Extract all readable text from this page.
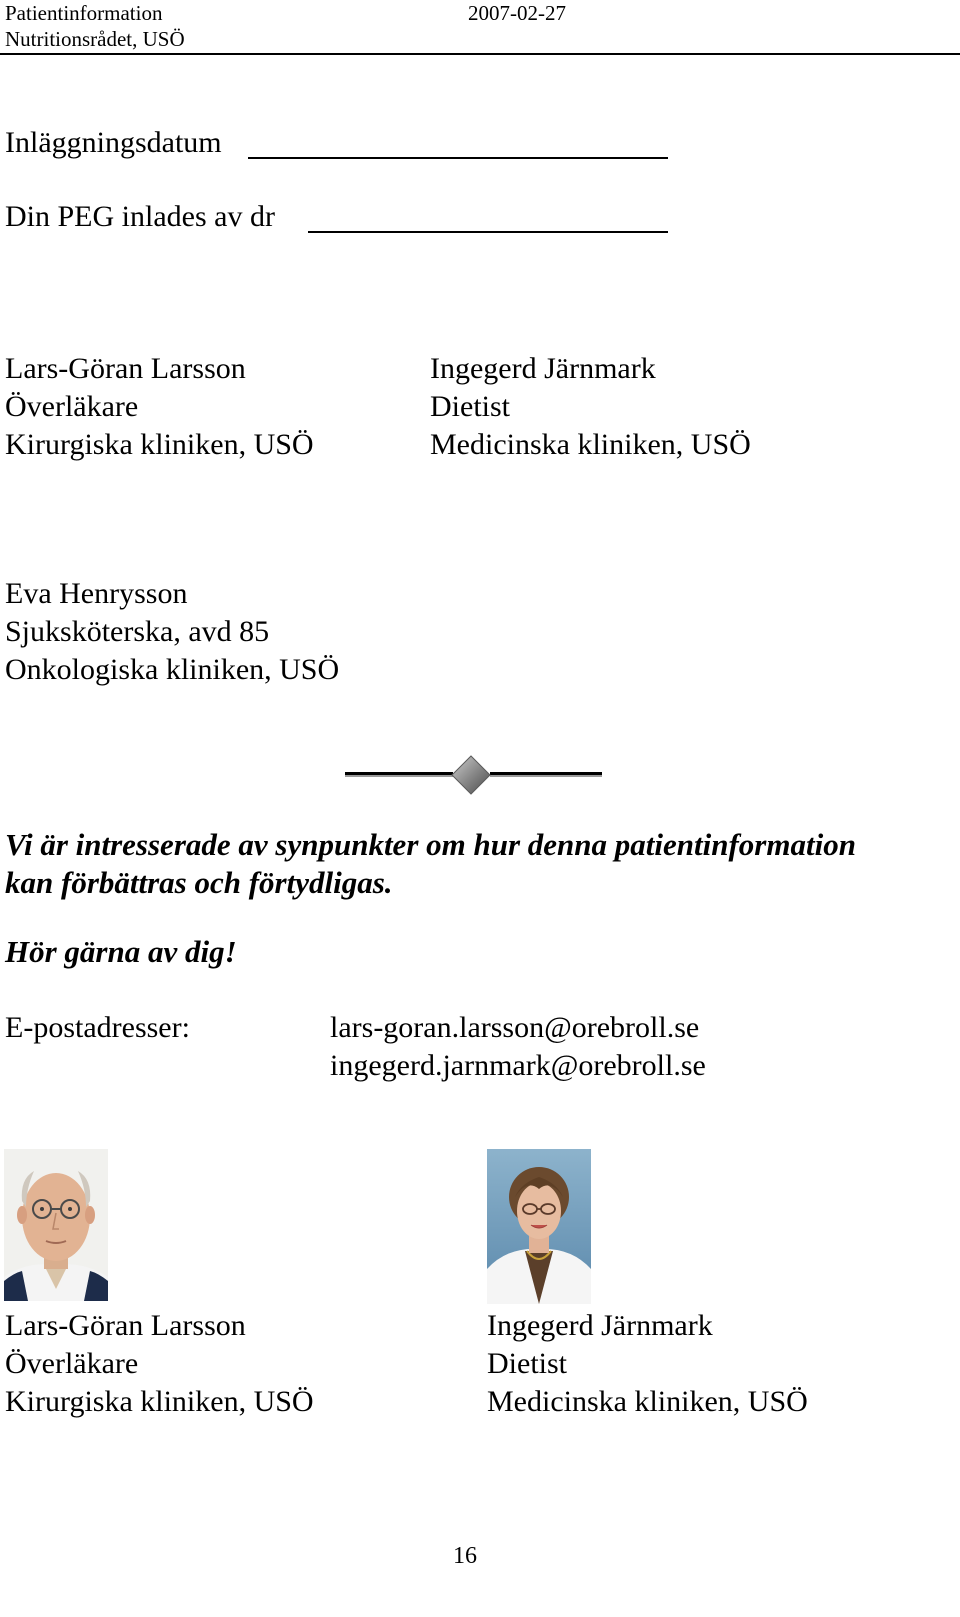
Patientinformation	2007-02-27
Nutritionsrådet, USÖ
Inläggningsdatum
Din PEG inlades av dr
Lars-Göran Larsson
Överläkare
Kirurgiska kliniken, USÖ
Ingegerd Järnmark
Dietist
Medicinska kliniken, USÖ
Eva Henrysson
Sjuksköterska, avd 85
Onkologiska kliniken, USÖ
Vi är intresserade av synpunkter om hur denna patientinformation
kan förbättras och förtydligas.
Hör gärna av dig!
E-postadresser:	lars-goran.larsson@orebroll.se
ingegerd.jarnmark@orebroll.se
Lars-Göran Larsson
Överläkare
Kirurgiska kliniken, USÖ
Ingegerd Järnmark
Dietist
Medicinska kliniken, USÖ
16
